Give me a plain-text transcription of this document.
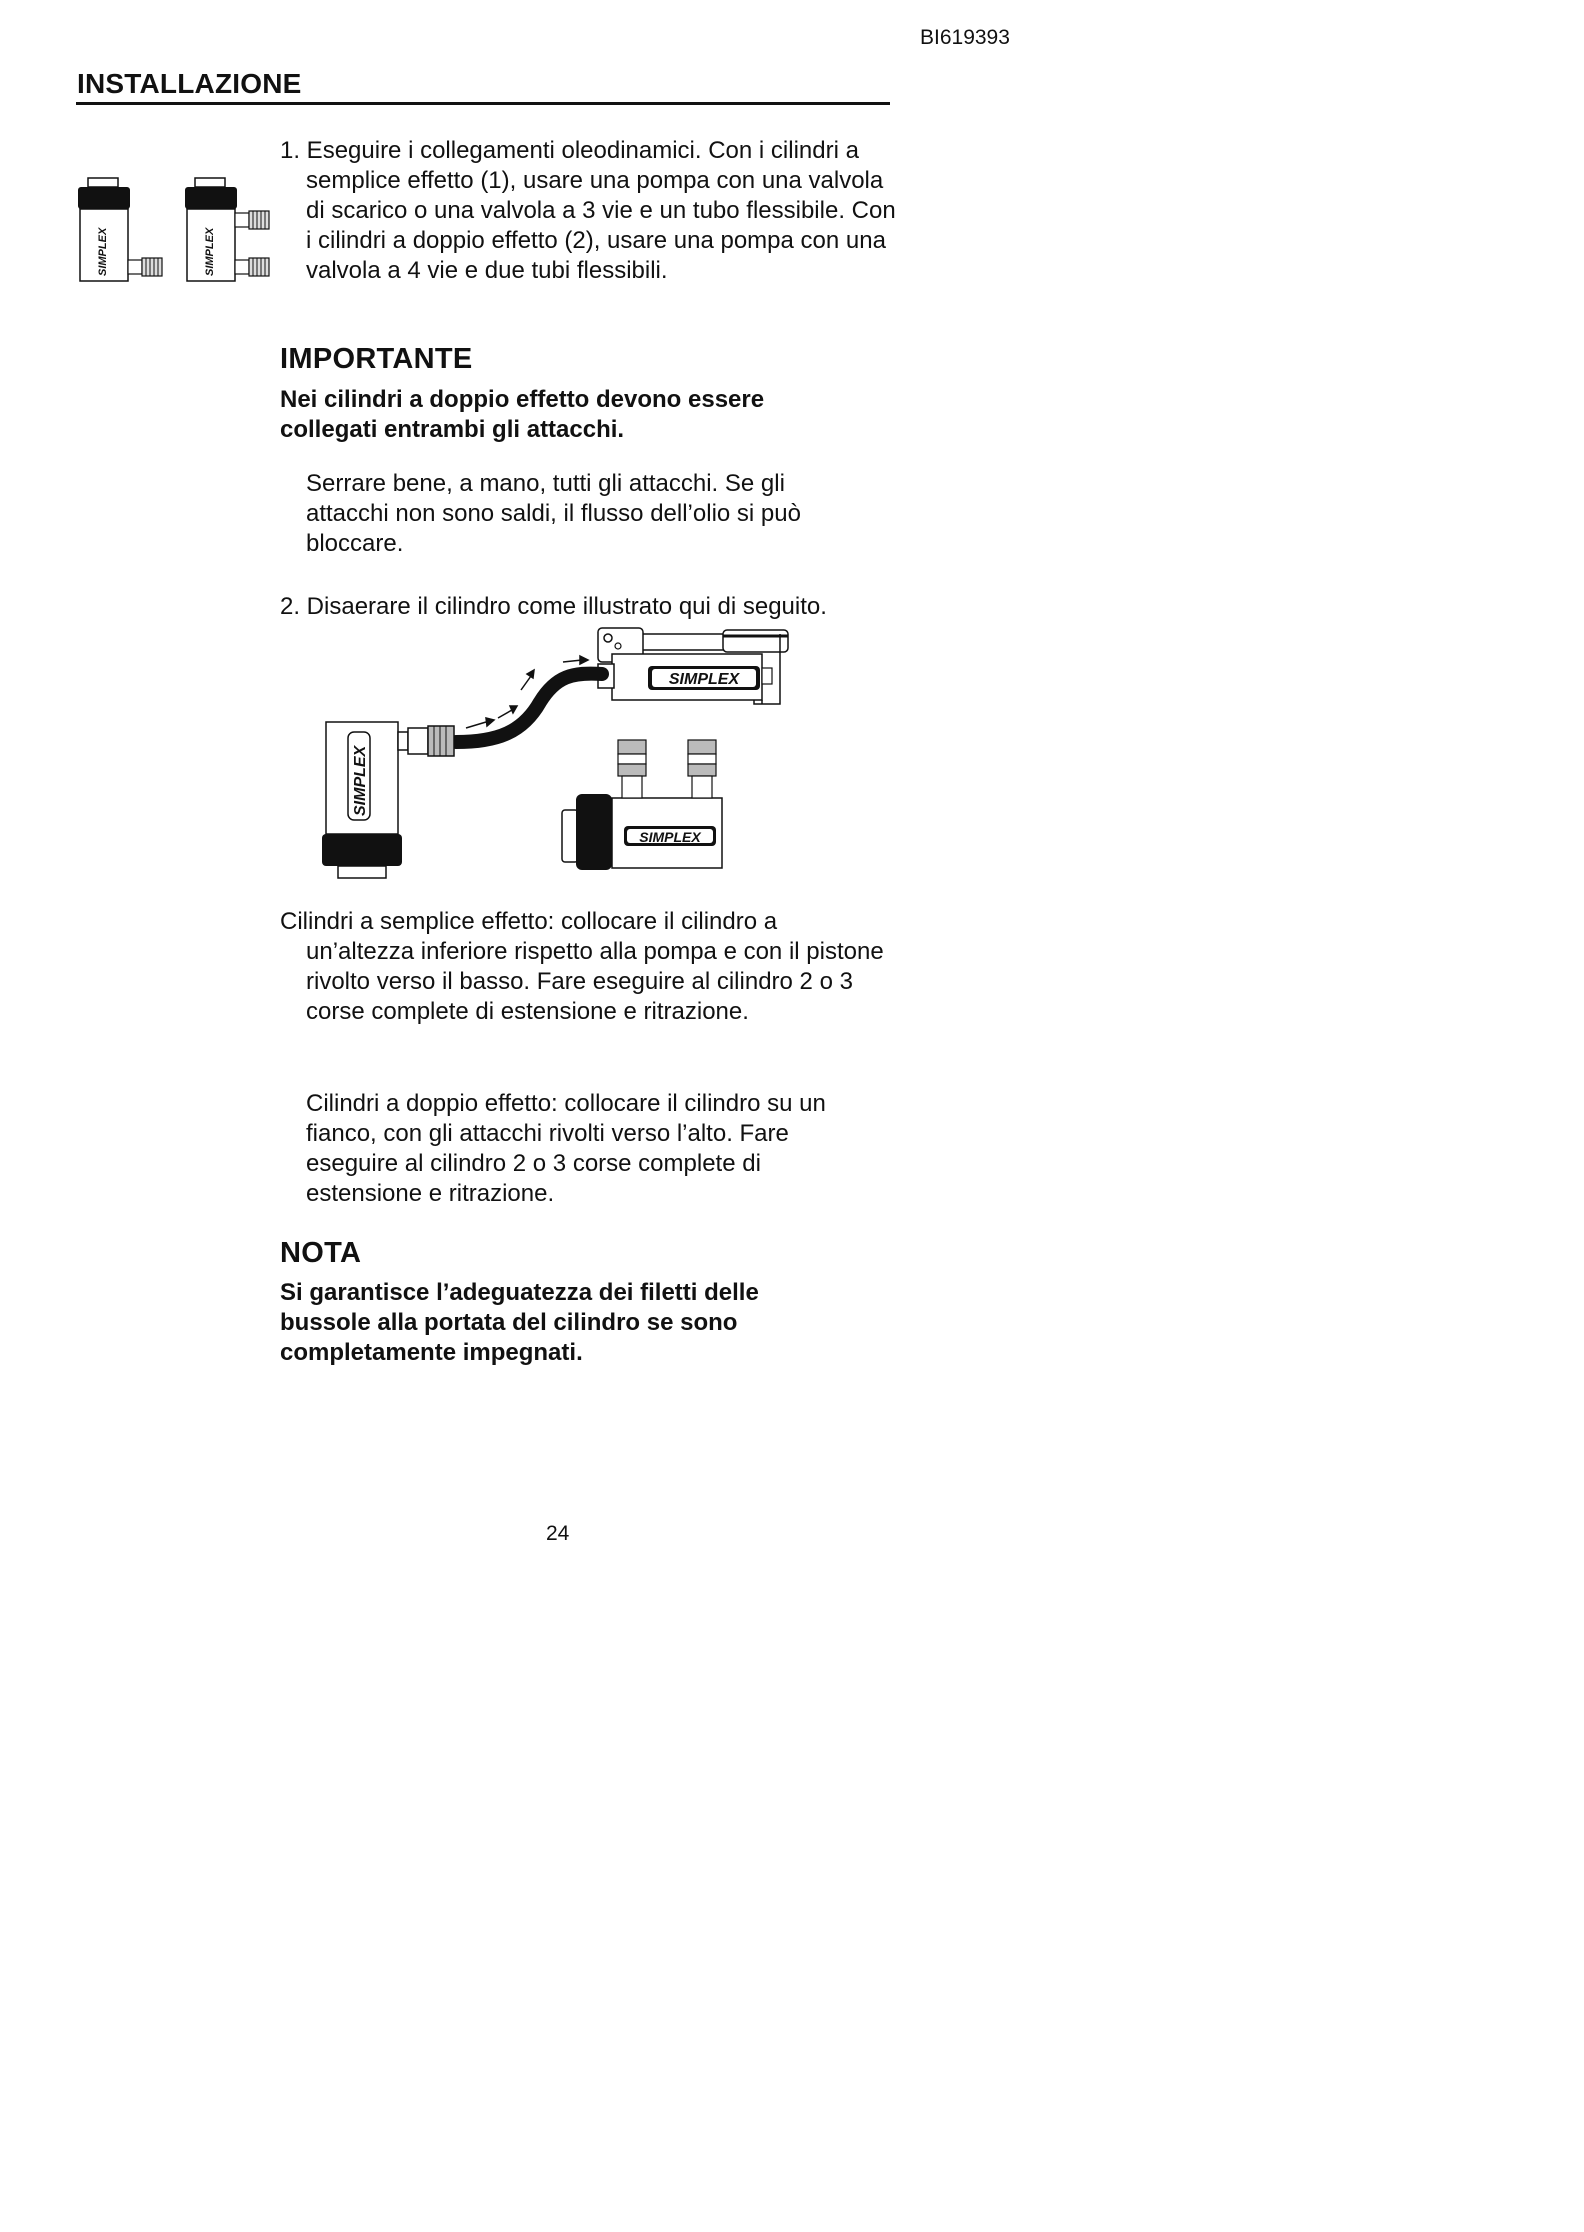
BI619393
INSTALLAZIONE
SIMPLEX	SIMPLEX
1. Eseguire i collegamenti oleodinamici. Con i cilindri a semplice effetto (1), usare una pompa con una valvola di scarico o una valvola a 3 vie e un tubo flessibile. Con i cilindri a doppio effetto (2), usare una pompa con una valvola a 4 vie e due tubi flessibili.
IMPORTANTE
Nei cilindri a doppio effetto devono essere collegati entrambi gli attacchi.
Serrare bene, a mano, tutti gli attacchi. Se gli attacchi non sono saldi, il flusso dell’olio si può bloccare.
2. Disaerare il cilindro come illustrato qui di seguito.
SIMPLEX
SIMPLEX
SIMPLEX
Cilindri a semplice effetto: collocare il cilindro a un’altezza inferiore rispetto alla pompa e con il pistone rivolto verso il basso. Fare eseguire al cilindro 2 o 3 corse complete di estensione e ritrazione.
Cilindri a doppio effetto: collocare il cilindro su un fianco, con gli attacchi rivolti verso l’alto. Fare eseguire al cilindro 2 o 3 corse complete di estensione e ritrazione.
NOTA
Si garantisce l’adeguatezza dei filetti delle bussole alla portata del cilindro se sono completamente impegnati.
24
